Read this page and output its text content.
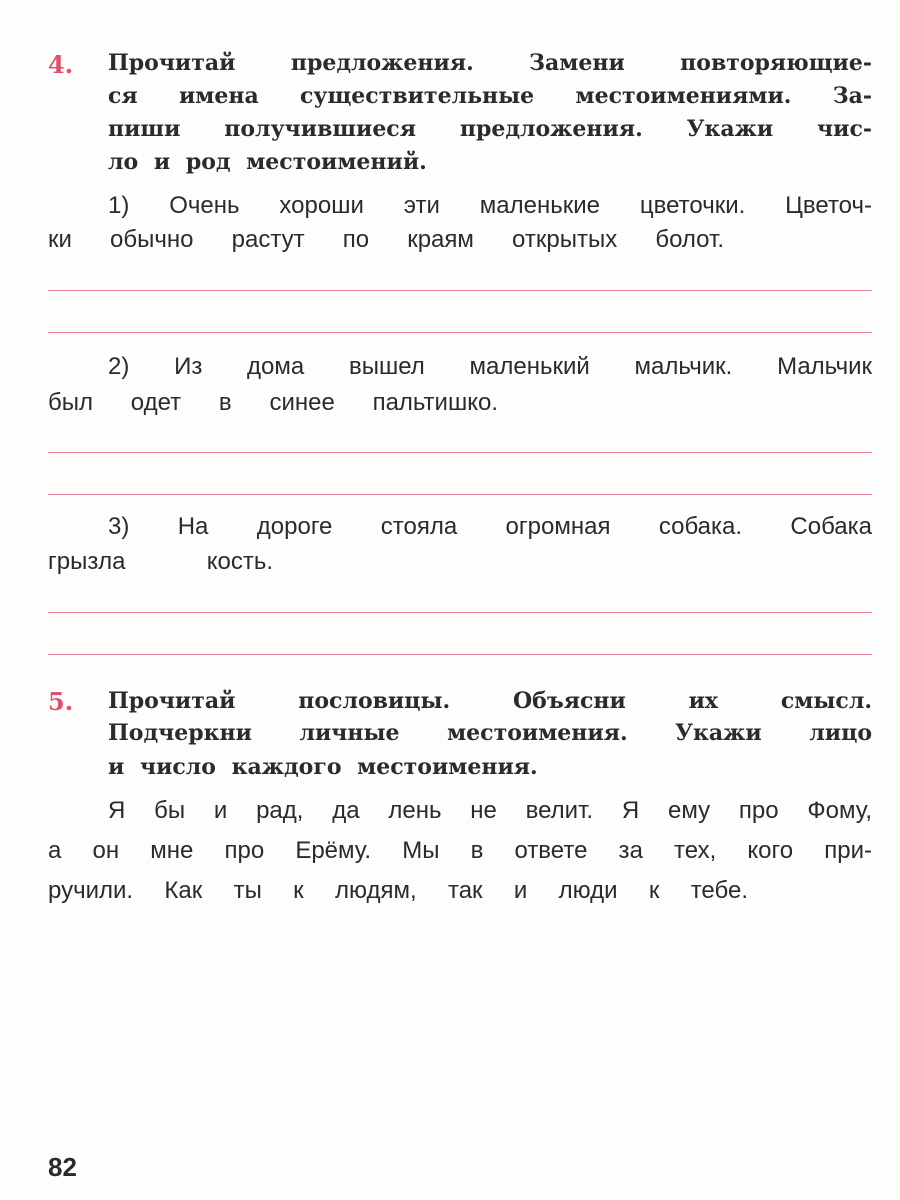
4. Прочитай предложения. Замени повторяющие-
ся имена существительные местоимениями. За-
пиши получившиеся предложения. Укажи чис-
ло и род местоимений.
1) Очень хороши эти маленькие цветочки. Цветоч-
ки обычно растут по краям открытых болот.
2) Из дома вышел маленький мальчик. Мальчик
был одет в синее пальтишко.
3) На дороге стояла огромная собака. Собака
грызла кость.
5. Прочитай пословицы. Объясни их смысл.
Подчеркни личные местоимения. Укажи лицо
и число каждого местоимения.
Я бы и рад, да лень не велит. Я ему про Фому,
а он мне про Ерёму. Мы в ответе за тех, кого при-
ручили. Как ты к людям, так и люди к тебе.
82
